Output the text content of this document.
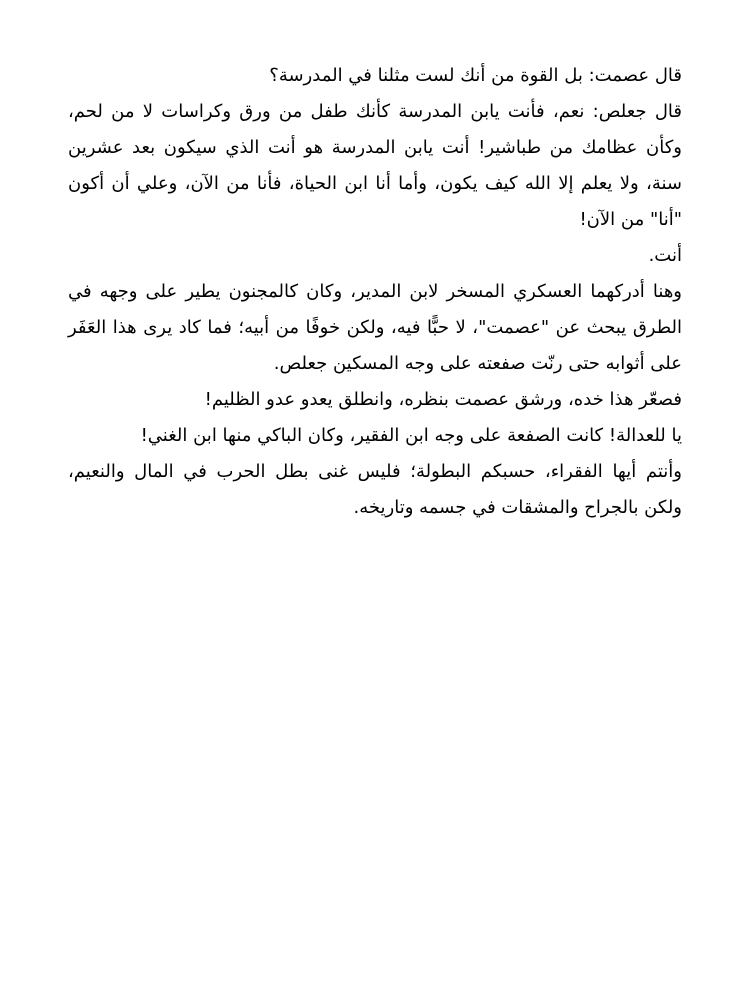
قال عصمت: بل القوة من أنك لست مثلنا في المدرسة؟

قال جعلص: نعم، فأنت يابن المدرسة كأنك طفل من ورق وكراسات لا من لحم، وكأن عظامك من طباشير! أنت يابن المدرسة هو أنت الذي سيكون بعد عشرين سنة، ولا يعلم إلا الله كيف يكون، وأما أنا ابن الحياة، فأنا من الآن، وعلي أن أكون "أنا" من الآن!

أنت.

وهنا أدركهما العسكري المسخر لابن المدير، وكان كالمجنون يطير على وجهه في الطرق يبحث عن "عصمت"، لا حبًّا فيه، ولكن خوفًا من أبيه؛ فما كاد يرى هذا العَفَر على أثوابه حتى رنّت صفعته على وجه المسكين جعلص.

فصعّر هذا خده، ورشق عصمت بنظره، وانطلق يعدو عدو الظليم!

يا للعدالة! كانت الصفعة على وجه ابن الفقير، وكان الباكي منها ابن الغني!

وأنتم أيها الفقراء، حسبكم البطولة؛ فليس غنى بطل الحرب في المال والنعيم، ولكن بالجراح والمشقات في جسمه وتاريخه.
